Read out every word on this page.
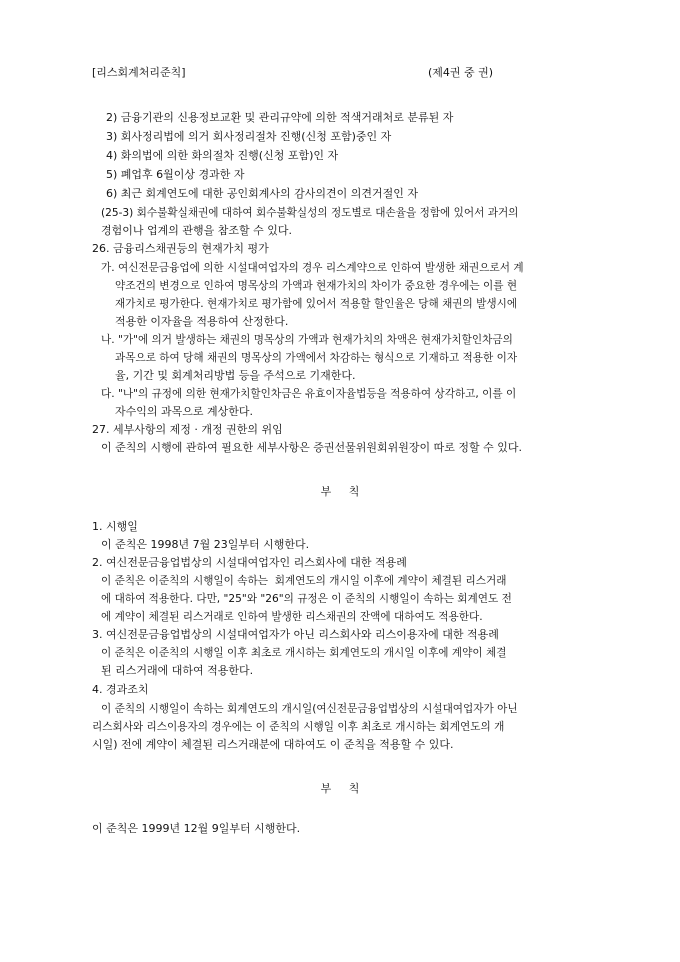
[리스회계처리준칙]	(제4권 중 권)
2) 금융기관의 신용정보교환 및 관리규약에 의한 적색거래처로 분류된 자
3) 회사정리법에 의거 회사정리절차 진행(신청 포함)중인 자
4) 화의법에 의한 화의절차 진행(신청 포함)인 자
5) 폐업후 6월이상 경과한 자
6) 최근 회계연도에 대한 공인회계사의 감사의견이 의견거절인 자
(25-3) 회수불확실채권에 대하여 회수불확실성의 정도별로 대손율을 정함에 있어서 과거의
경험이나 업계의 관행을 참조할 수 있다.
26. 금융리스채권등의 현재가치 평가
가. 여신전문금융업에 의한 시설대여업자의 경우 리스계약으로 인하여 발생한 채권으로서 계
약조건의 변경으로 인하여 명목상의 가액과 현재가치의 차이가 중요한 경우에는 이를 현
재가치로 평가한다. 현재가치로 평가함에 있어서 적용할 할인율은 당해 채권의 발생시에
적용한 이자율을 적용하여 산정한다.
나. "가"에 의거 발생하는 채권의 명목상의 가액과 현재가치의 차액은 현재가치할인차금의
과목으로 하여 당해 채권의 명목상의 가액에서 차감하는 형식으로 기재하고 적용한 이자
율, 기간 및 회계처리방법 등을 주석으로 기재한다.
다. "나"의 규정에 의한 현재가치할인차금은 유효이자율법등을 적용하여 상각하고, 이를 이
자수익의 과목으로 계상한다.
27. 세부사항의 제정 · 개정 권한의 위임
이 준칙의 시행에 관하여 필요한 세부사항은 증권선물위원회위원장이 따로 정할 수 있다.
부     칙
1. 시행일
이 준칙은 1998년 7월 23일부터 시행한다.
2. 여신전문금융업법상의 시설대여업자인 리스회사에 대한 적용례
이 준칙은 이준칙의 시행일이 속하는  회계연도의 개시일 이후에 계약이 체결된 리스거래
에 대하여 적용한다. 다만, "25"와 "26"의 규정은 이 준칙의 시행일이 속하는 회계연도 전
에 계약이 체결된 리스거래로 인하여 발생한 리스채권의 잔액에 대하여도 적용한다.
3. 여신전문금융업법상의 시설대여업자가 아닌 리스회사와 리스이용자에 대한 적용례
이 준칙은 이준칙의 시행일 이후 최초로 개시하는 회계연도의 개시일 이후에 계약이 체결
된 리스거래에 대하여 적용한다.
4. 경과조치
이 준칙의 시행일이 속하는 회계연도의 개시일(여신전문금융업법상의 시설대여업자가 아닌
리스회사와 리스이용자의 경우에는 이 준칙의 시행일 이후 최초로 개시하는 회계연도의 개
시일) 전에 계약이 체결된 리스거래분에 대하여도 이 준칙을 적용할 수 있다.
부     칙
이 준칙은 1999년 12월 9일부터 시행한다.
